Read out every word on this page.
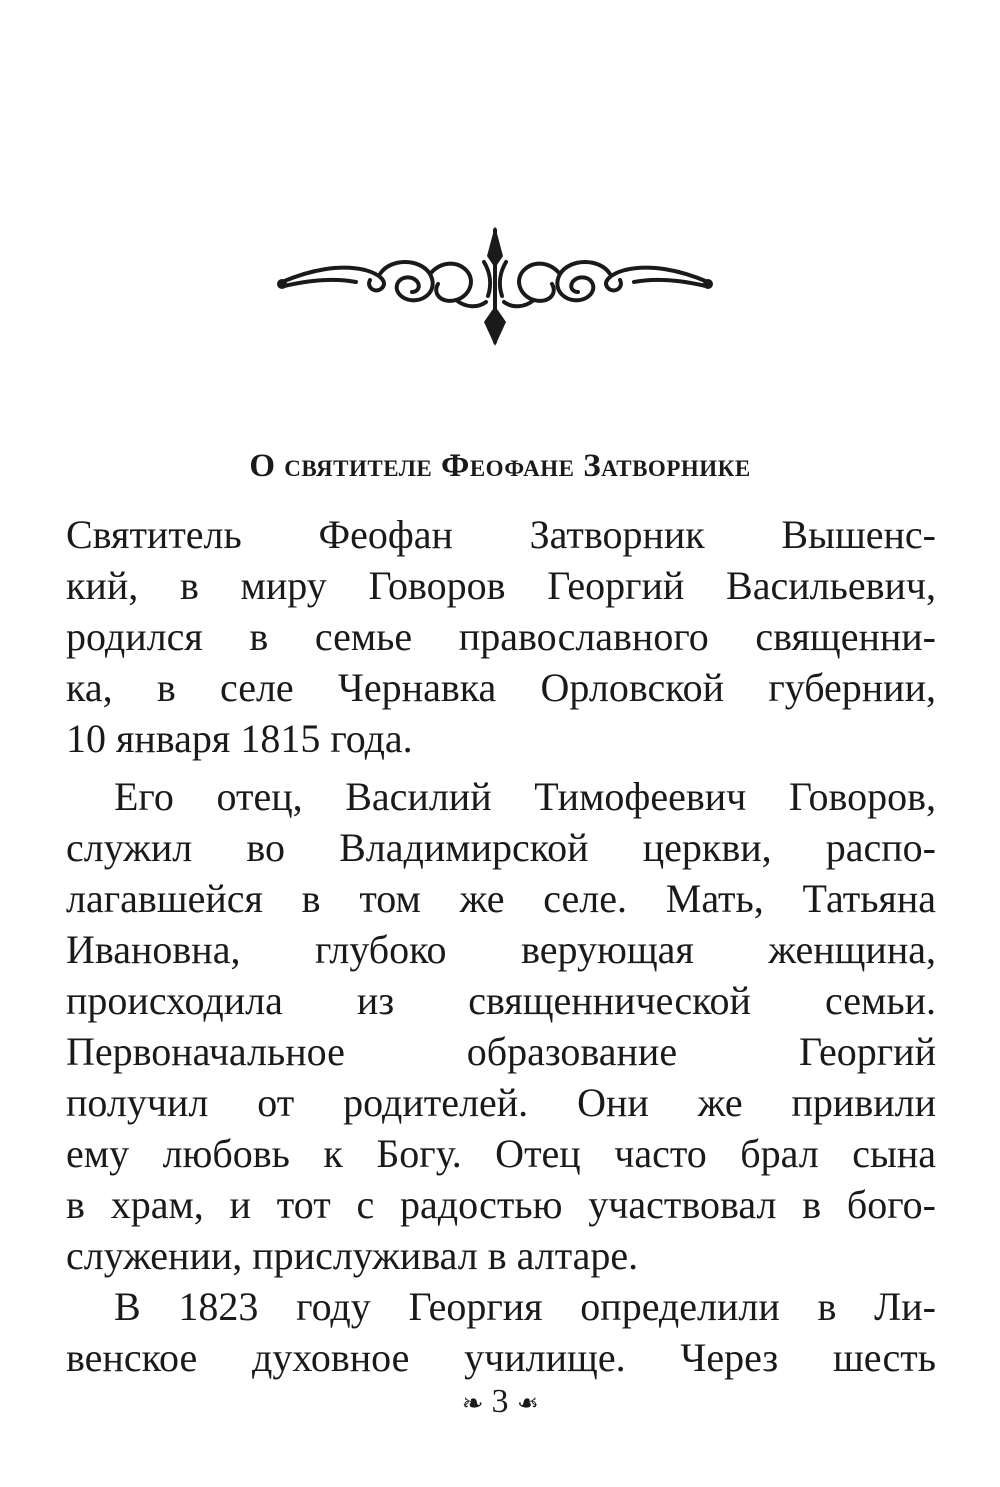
О святителе Феофане Затворнике

Святитель Феофан Затворник Вышенс-

кий, в миру Говоров Георгий Васильевич,

родился в семье православного священни-

ка, в селе Чернавка Орловской губернии,

10 января 1815 года.

Его отец, Василий Тимофеевич Говоров,

служил во Владимирской церкви, распо-

лагавшейся в том же селе. Мать, Татьяна

Ивановна, глубоко верующая женщина,

происходила из священнической семьи.

Первоначальное образование Георгий

получил от родителей. Они же привили

ему любовь к Богу. Отец часто брал сына

в храм, и тот с радостью участвовал в бого-

служении, прислуживал в алтаре.

В 1823 году Георгия определили в Ли-

венское духовное училище. Через шесть

❧ 3 ❧
